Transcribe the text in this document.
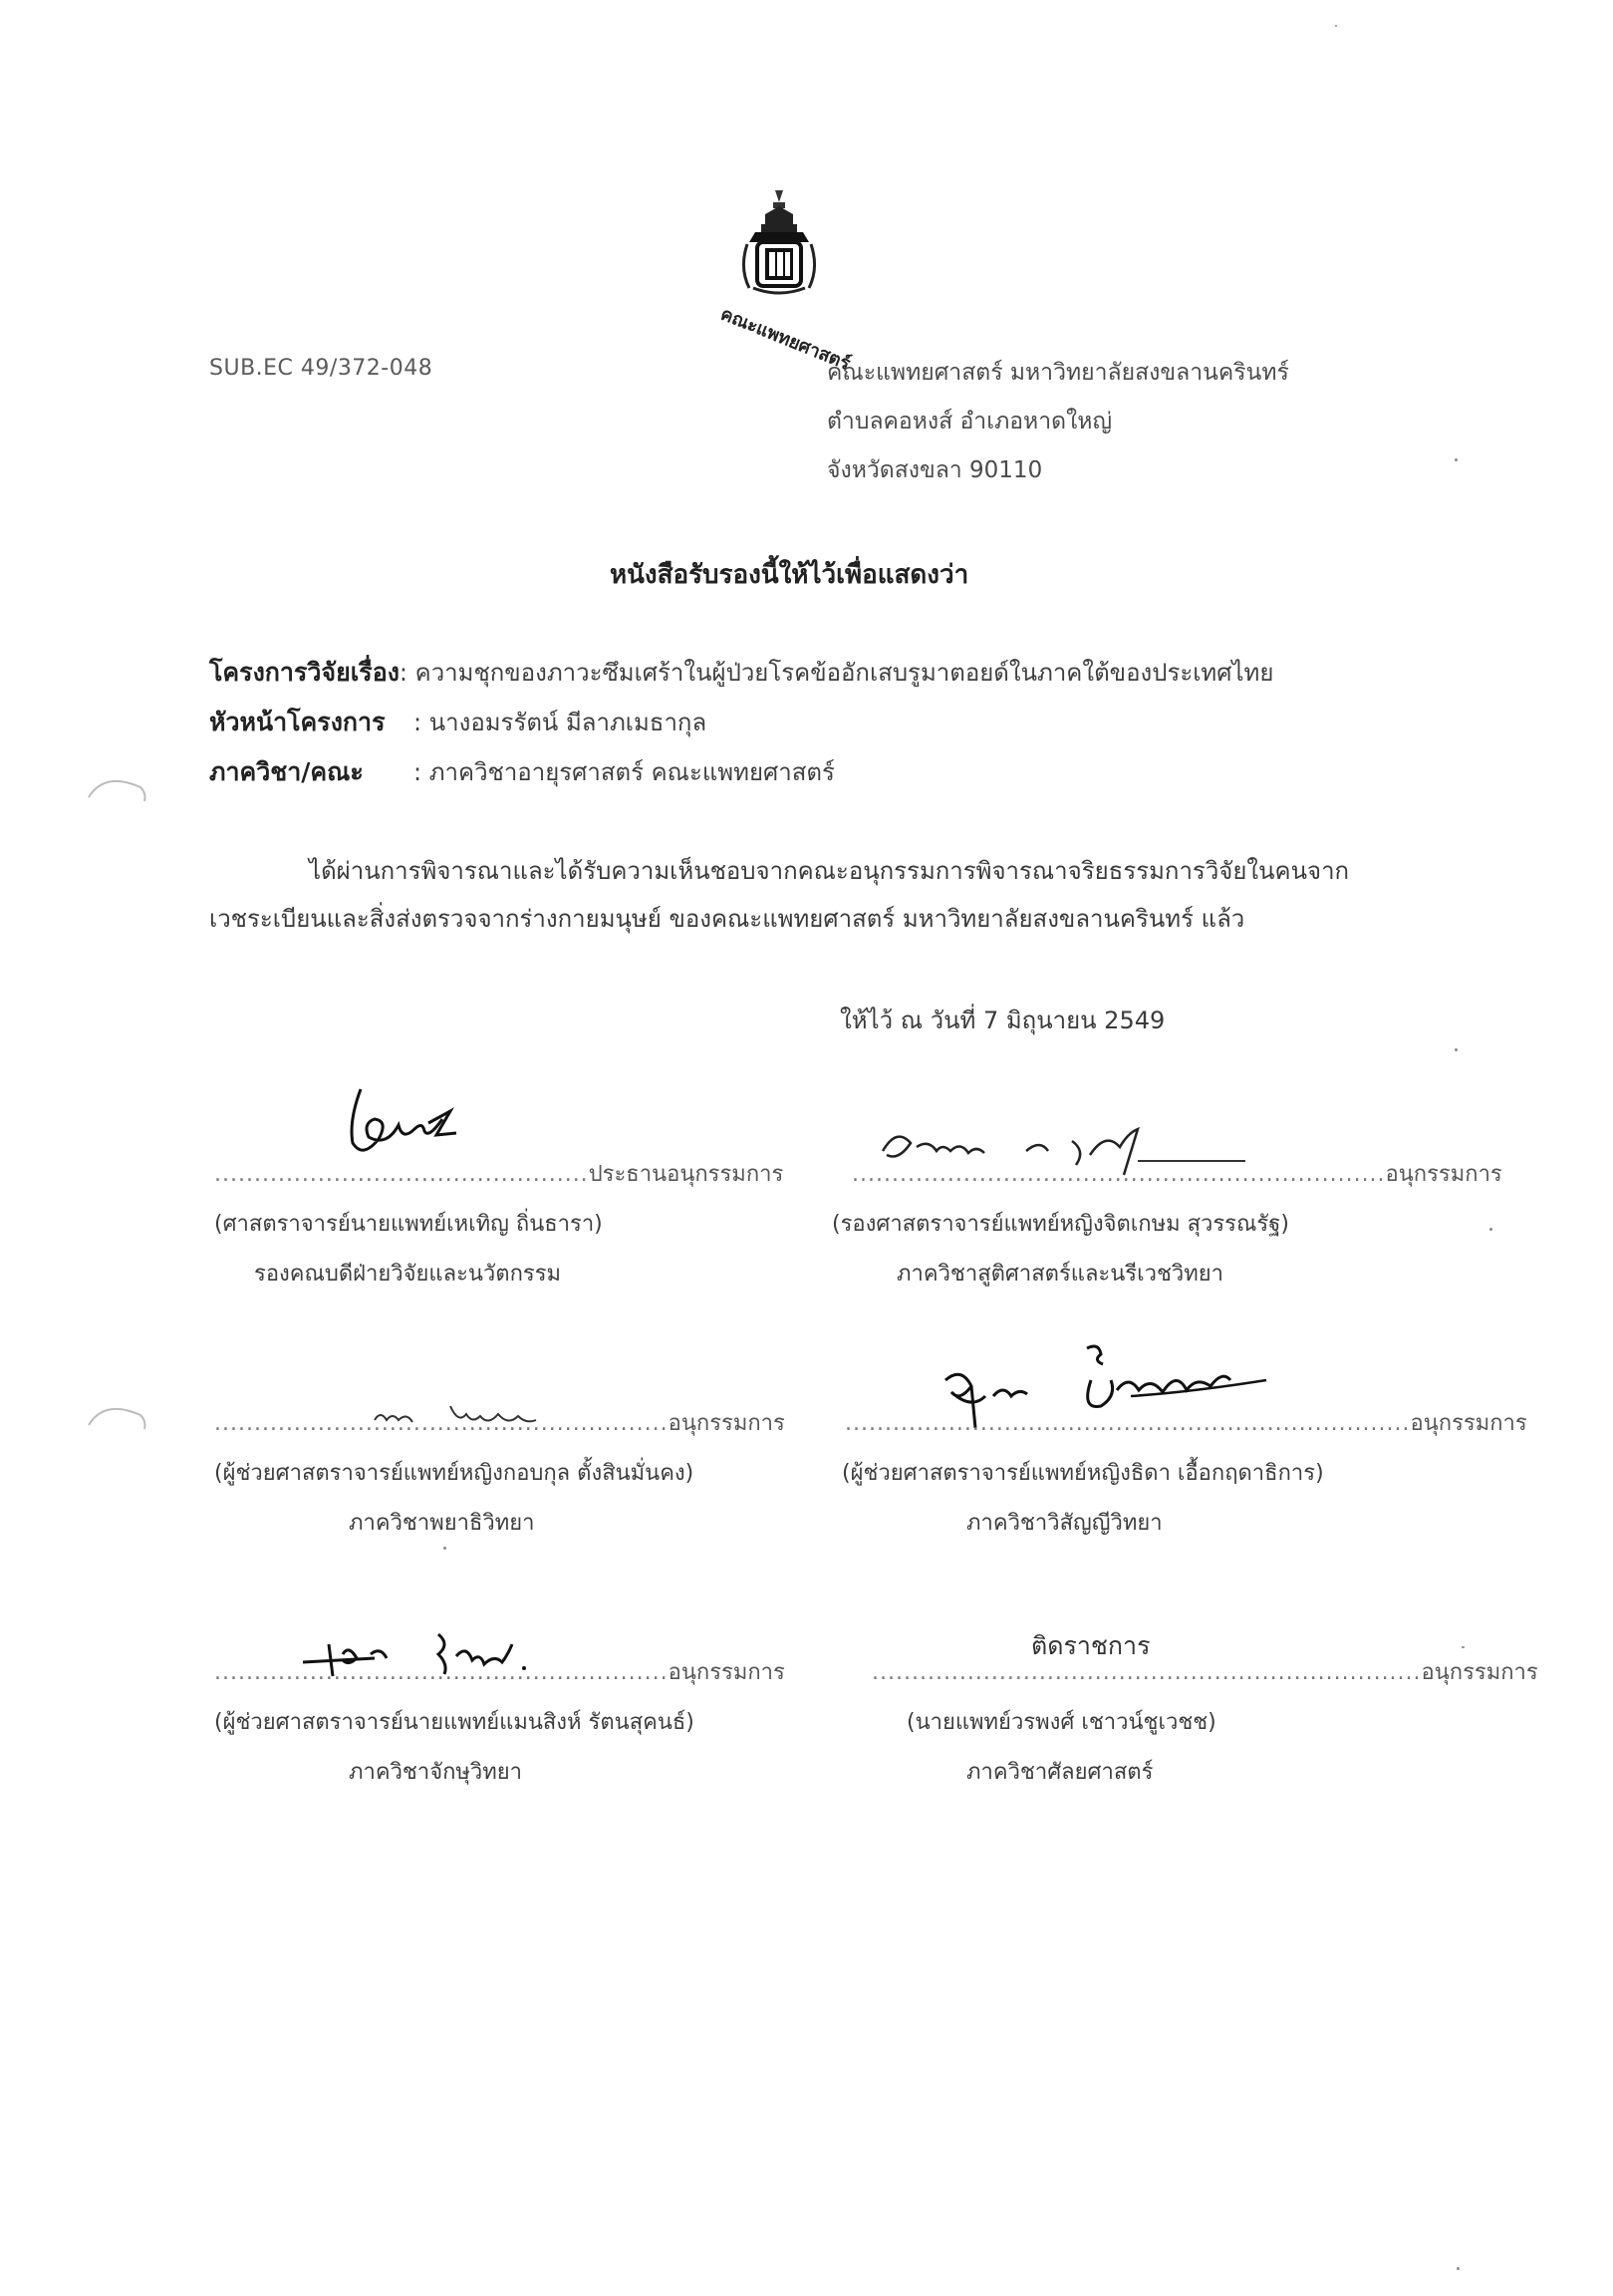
คณะแพทยศาสตร์
SUB.EC 49/372-048	คณะแพทยศาสตร์ มหาวิทยาลัยสงขลานครินทร์
ตำบลคอหงส์ อำเภอหาดใหญ่
จังหวัดสงขลา 90110
หนังสือรับรองนี้ให้ไว้เพื่อแสดงว่า
โครงการวิจัยเรื่อง: ความชุกของภาวะซึมเศร้าในผู้ป่วยโรคข้ออักเสบรูมาตอยด์ในภาคใต้ของประเทศไทย
หัวหน้าโครงการ : นางอมรรัตน์ มีลาภเมธากุล
ภาควิชา/คณะ : ภาควิชาอายุรศาสตร์ คณะแพทยศาสตร์
ได้ผ่านการพิจารณาและได้รับความเห็นชอบจากคณะอนุกรรมการพิจารณาจริยธรรมการวิจัยในคนจาก
เวชระเบียนและสิ่งส่งตรวจจากร่างกายมนุษย์ ของคณะแพทยศาสตร์ มหาวิทยาลัยสงขลานครินทร์ แล้ว
ให้ไว้ ณ วันที่ 7 มิถุนายน 2549
...............................................ประธานอนุกรรมการ
(ศาสตราจารย์นายแพทย์เหเทิญ ถิ่นธารา)
รองคณบดีฝ่ายวิจัยและนวัตกรรม
...................................................................อนุกรรมการ
(รองศาสตราจารย์แพทย์หญิงจิตเกษม สุวรรณรัฐ)
ภาควิชาสูติศาสตร์และนรีเวชวิทยา
.........................................................อนุกรรมการ
(ผู้ช่วยศาสตราจารย์แพทย์หญิงกอบกุล ตั้งสินมั่นคง)
ภาควิชาพยาธิวิทยา
.......................................................................อนุกรรมการ
(ผู้ช่วยศาสตราจารย์แพทย์หญิงธิดา เอื้อกฤดาธิการ)
ภาควิชาวิสัญญีวิทยา
.........................................................อนุกรรมการ
(ผู้ช่วยศาสตราจารย์นายแพทย์แมนสิงห์ รัตนสุคนธ์)
ภาควิชาจักษุวิทยา
ติดราชการ
.....................................................................อนุกรรมการ
(นายแพทย์วรพงศ์ เชาวน์ชูเวชช)
ภาควิชาศัลยศาสตร์
